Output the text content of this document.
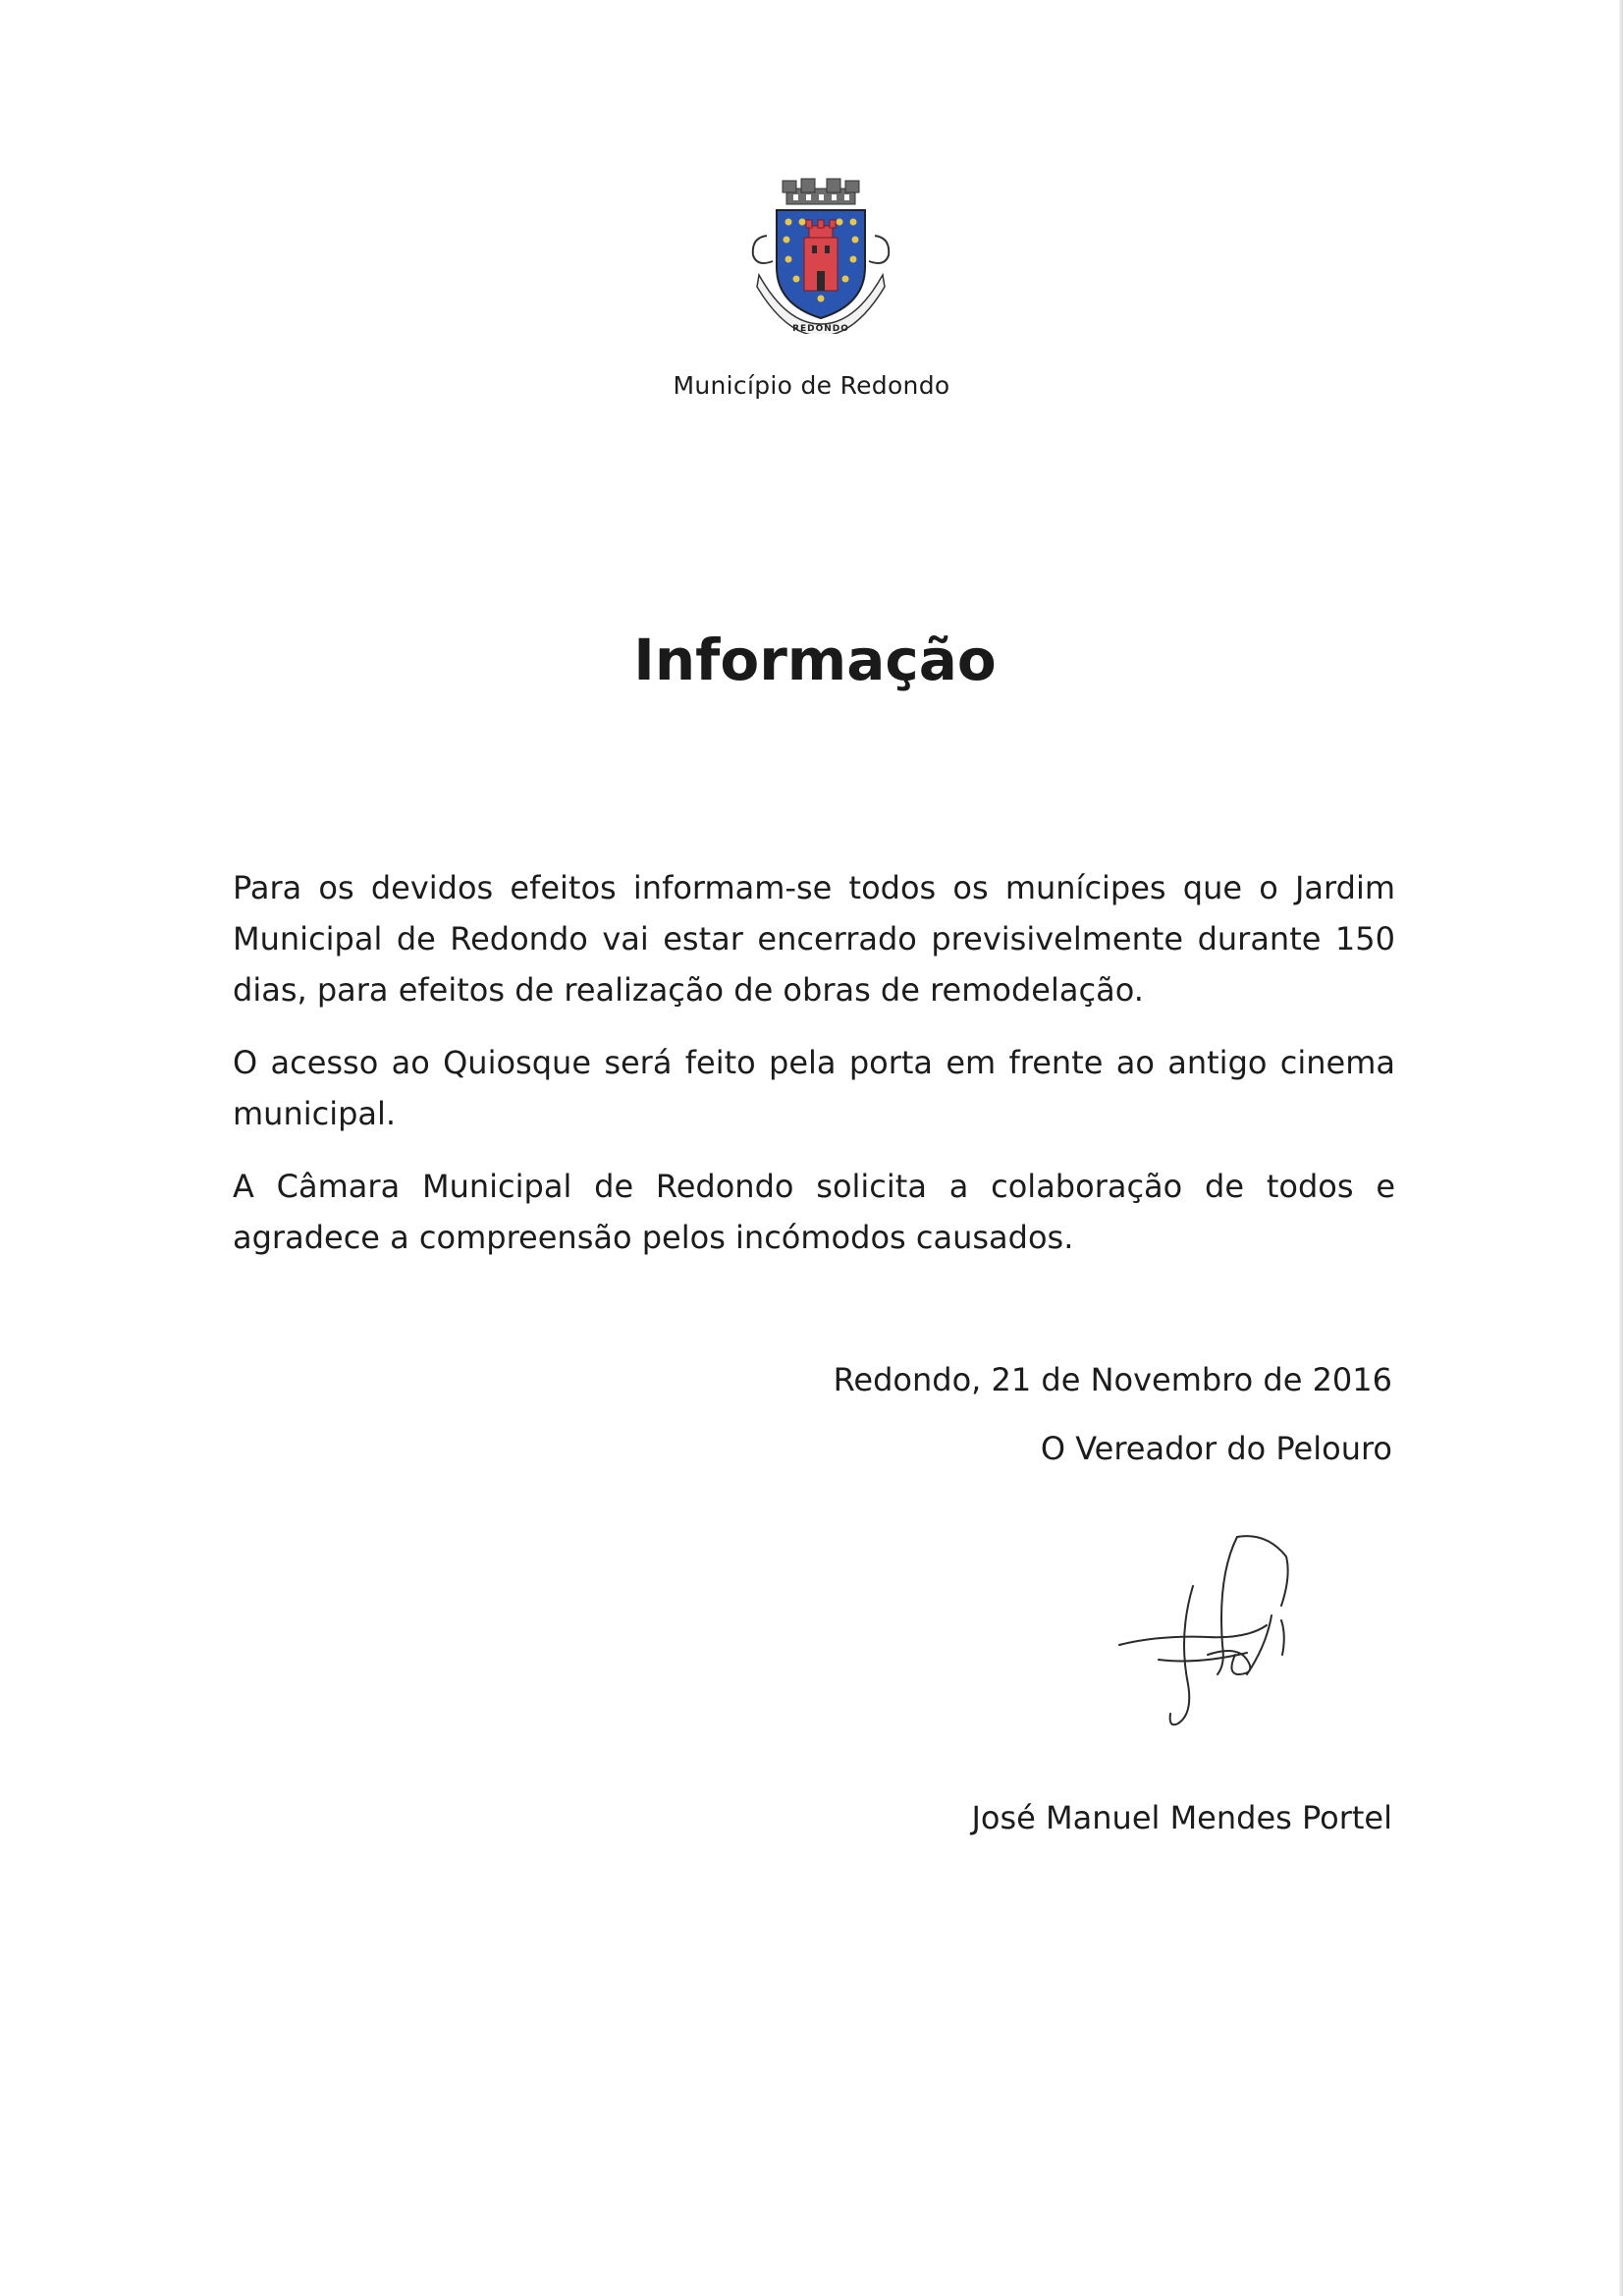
REDONDO
Município de Redondo
Informação

Para os devidos efeitos informam-se todos os munícipes que o Jardim Municipal de Redondo vai estar encerrado previsivelmente durante 150 dias, para efeitos de realização de obras de remodelação.

O acesso ao Quiosque será feito pela porta em frente ao antigo cinema municipal.

A Câmara Municipal de Redondo solicita a colaboração de todos e agradece a compreensão pelos incómodos causados.

Redondo, 21 de Novembro de 2016
O Vereador do Pelouro
José Manuel Mendes Portel
